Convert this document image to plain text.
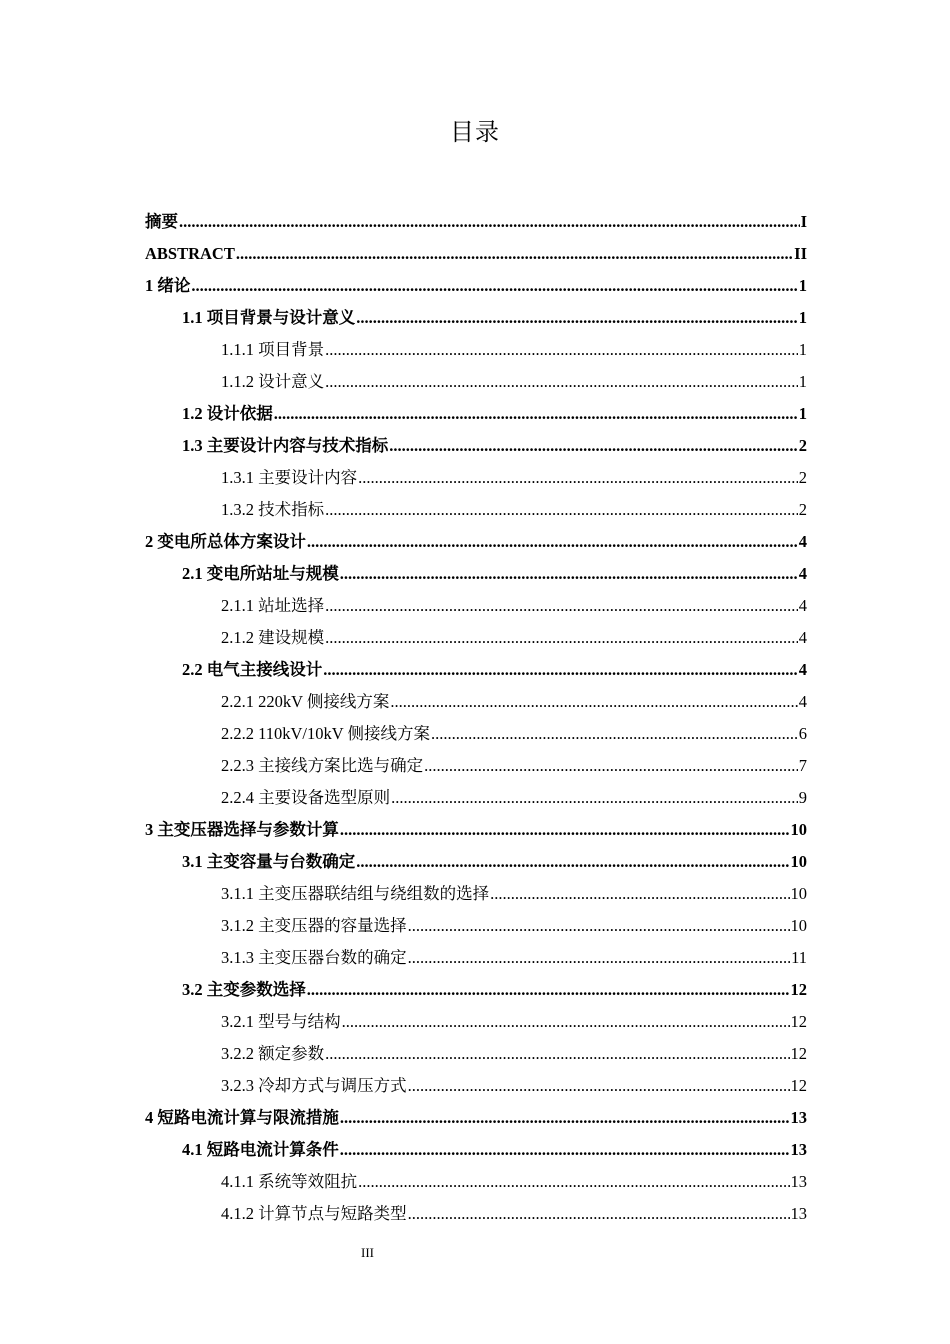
目录
摘要 .....	I
ABSTRACT .....	II
1 绪论 .....	1
1.1 项目背景与设计意义 .....	1
1.1.1 项目背景 .....	1
1.1.2 设计意义 .....	1
1.2 设计依据 .....	1
1.3 主要设计内容与技术指标 .....	2
1.3.1 主要设计内容 .....	2
1.3.2 技术指标 .....	2
2 变电所总体方案设计 .....	4
2.1 变电所站址与规模 .....	4
2.1.1 站址选择 .....	4
2.1.2 建设规模 .....	4
2.2 电气主接线设计 .....	4
2.2.1 220kV 侧接线方案 .....	4
2.2.2 110kV/10kV 侧接线方案 .....	6
2.2.3 主接线方案比选与确定 .....	7
2.2.4 主要设备选型原则 .....	9
3 主变压器选择与参数计算 .....	10
3.1 主变容量与台数确定 .....	10
3.1.1 主变压器联结组与绕组数的选择 .....	10
3.1.2 主变压器的容量选择 .....	10
3.1.3 主变压器台数的确定 .....	11
3.2 主变参数选择 .....	12
3.2.1 型号与结构 .....	12
3.2.2 额定参数 .....	12
3.2.3 冷却方式与调压方式 .....	12
4 短路电流计算与限流措施 .....	13
4.1 短路电流计算条件 .....	13
4.1.1 系统等效阻抗 .....	13
4.1.2 计算节点与短路类型 .....	13
III
